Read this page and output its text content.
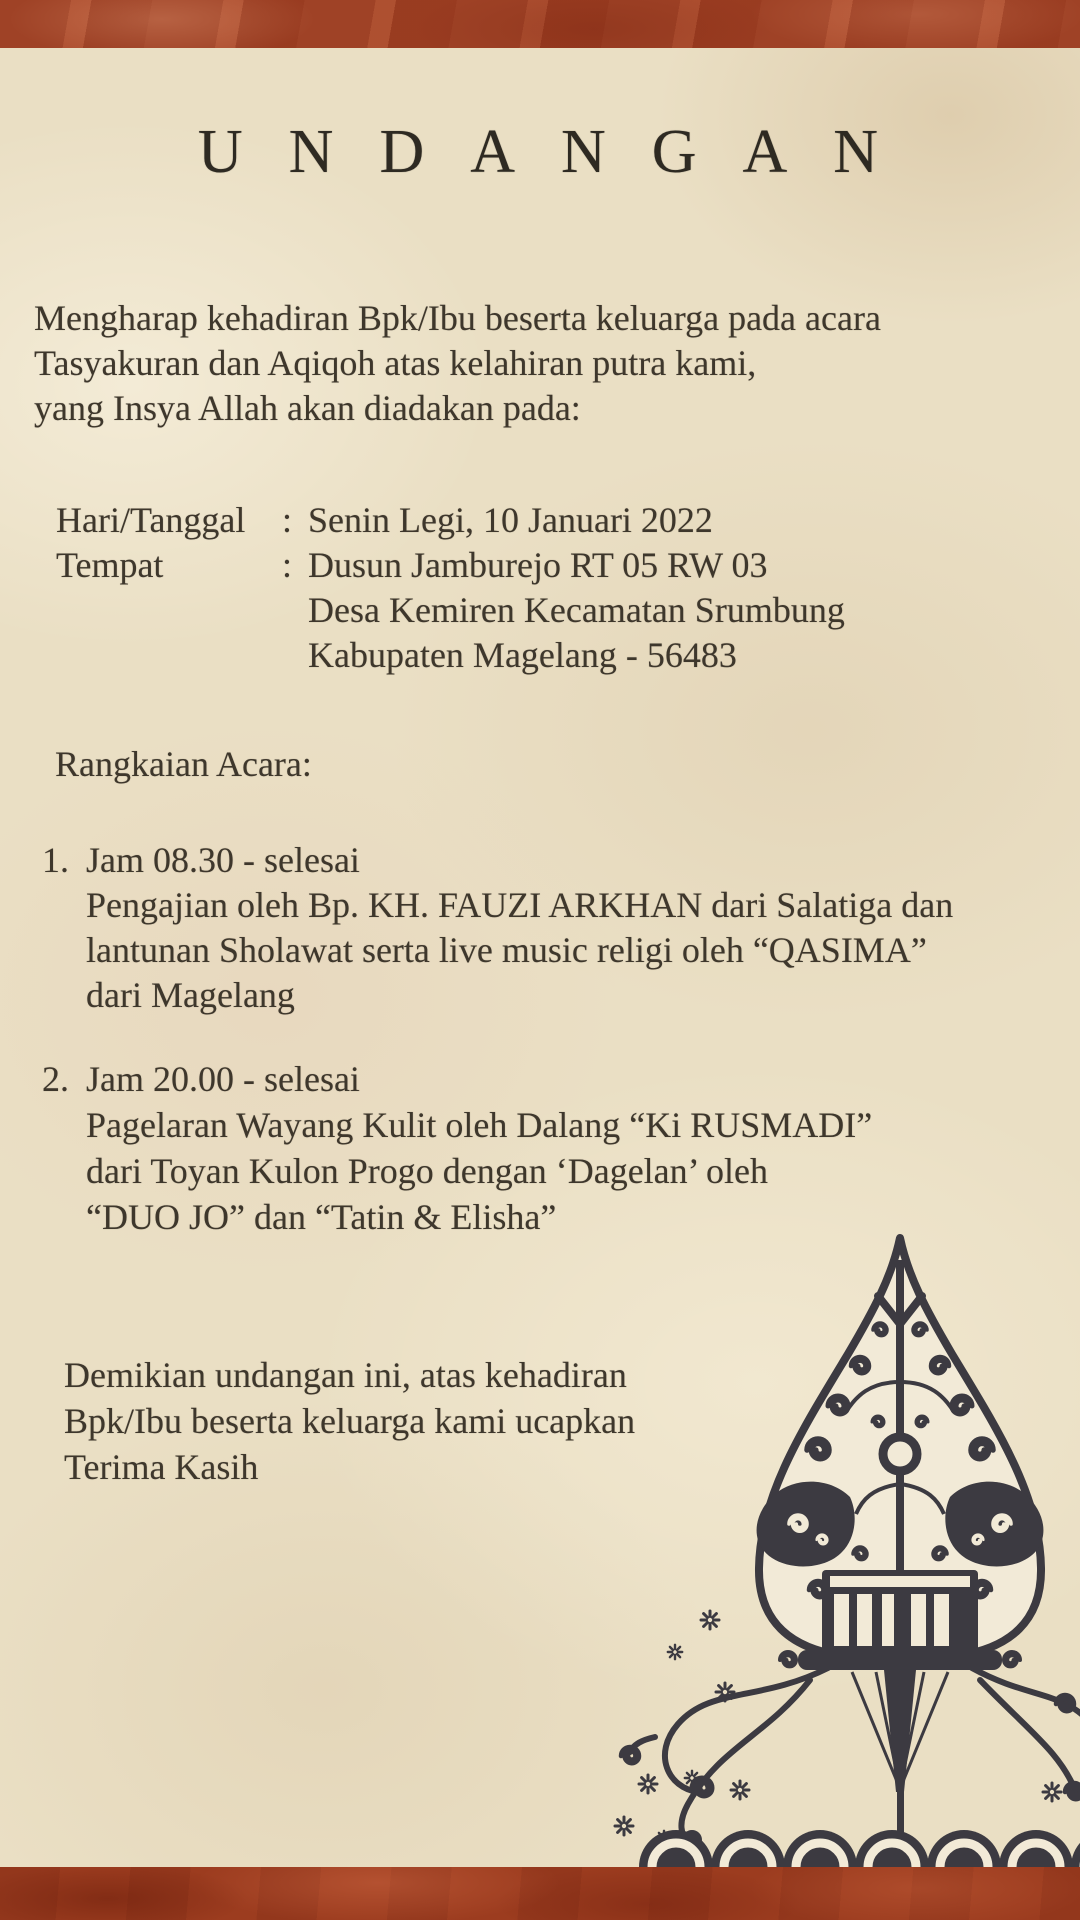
UNDANGAN
Mengharap kehadiran Bpk/Ibu beserta keluarga pada acara
Tasyakuran dan Aqiqoh atas kelahiran putra kami,
yang Insya Allah akan diadakan pada:
Hari/Tanggal	: Senin Legi, 10 Januari 2022
Tempat	: Dusun Jamburejo RT 05 RW 03
Desa Kemiren Kecamatan Srumbung
Kabupaten Magelang - 56483
Rangkaian Acara:
1. Jam 08.30 - selesai
Pengajian oleh Bp. KH. FAUZI ARKHAN dari Salatiga dan
lantunan Sholawat serta live music religi oleh “QASIMA”
dari Magelang
2. Jam 20.00 - selesai
Pagelaran Wayang Kulit oleh Dalang “Ki RUSMADI”
dari Toyan Kulon Progo dengan ‘Dagelan’ oleh
“DUO JO” dan “Tatin & Elisha”
Demikian undangan ini, atas kehadiran
Bpk/Ibu beserta keluarga kami ucapkan
Terima Kasih
